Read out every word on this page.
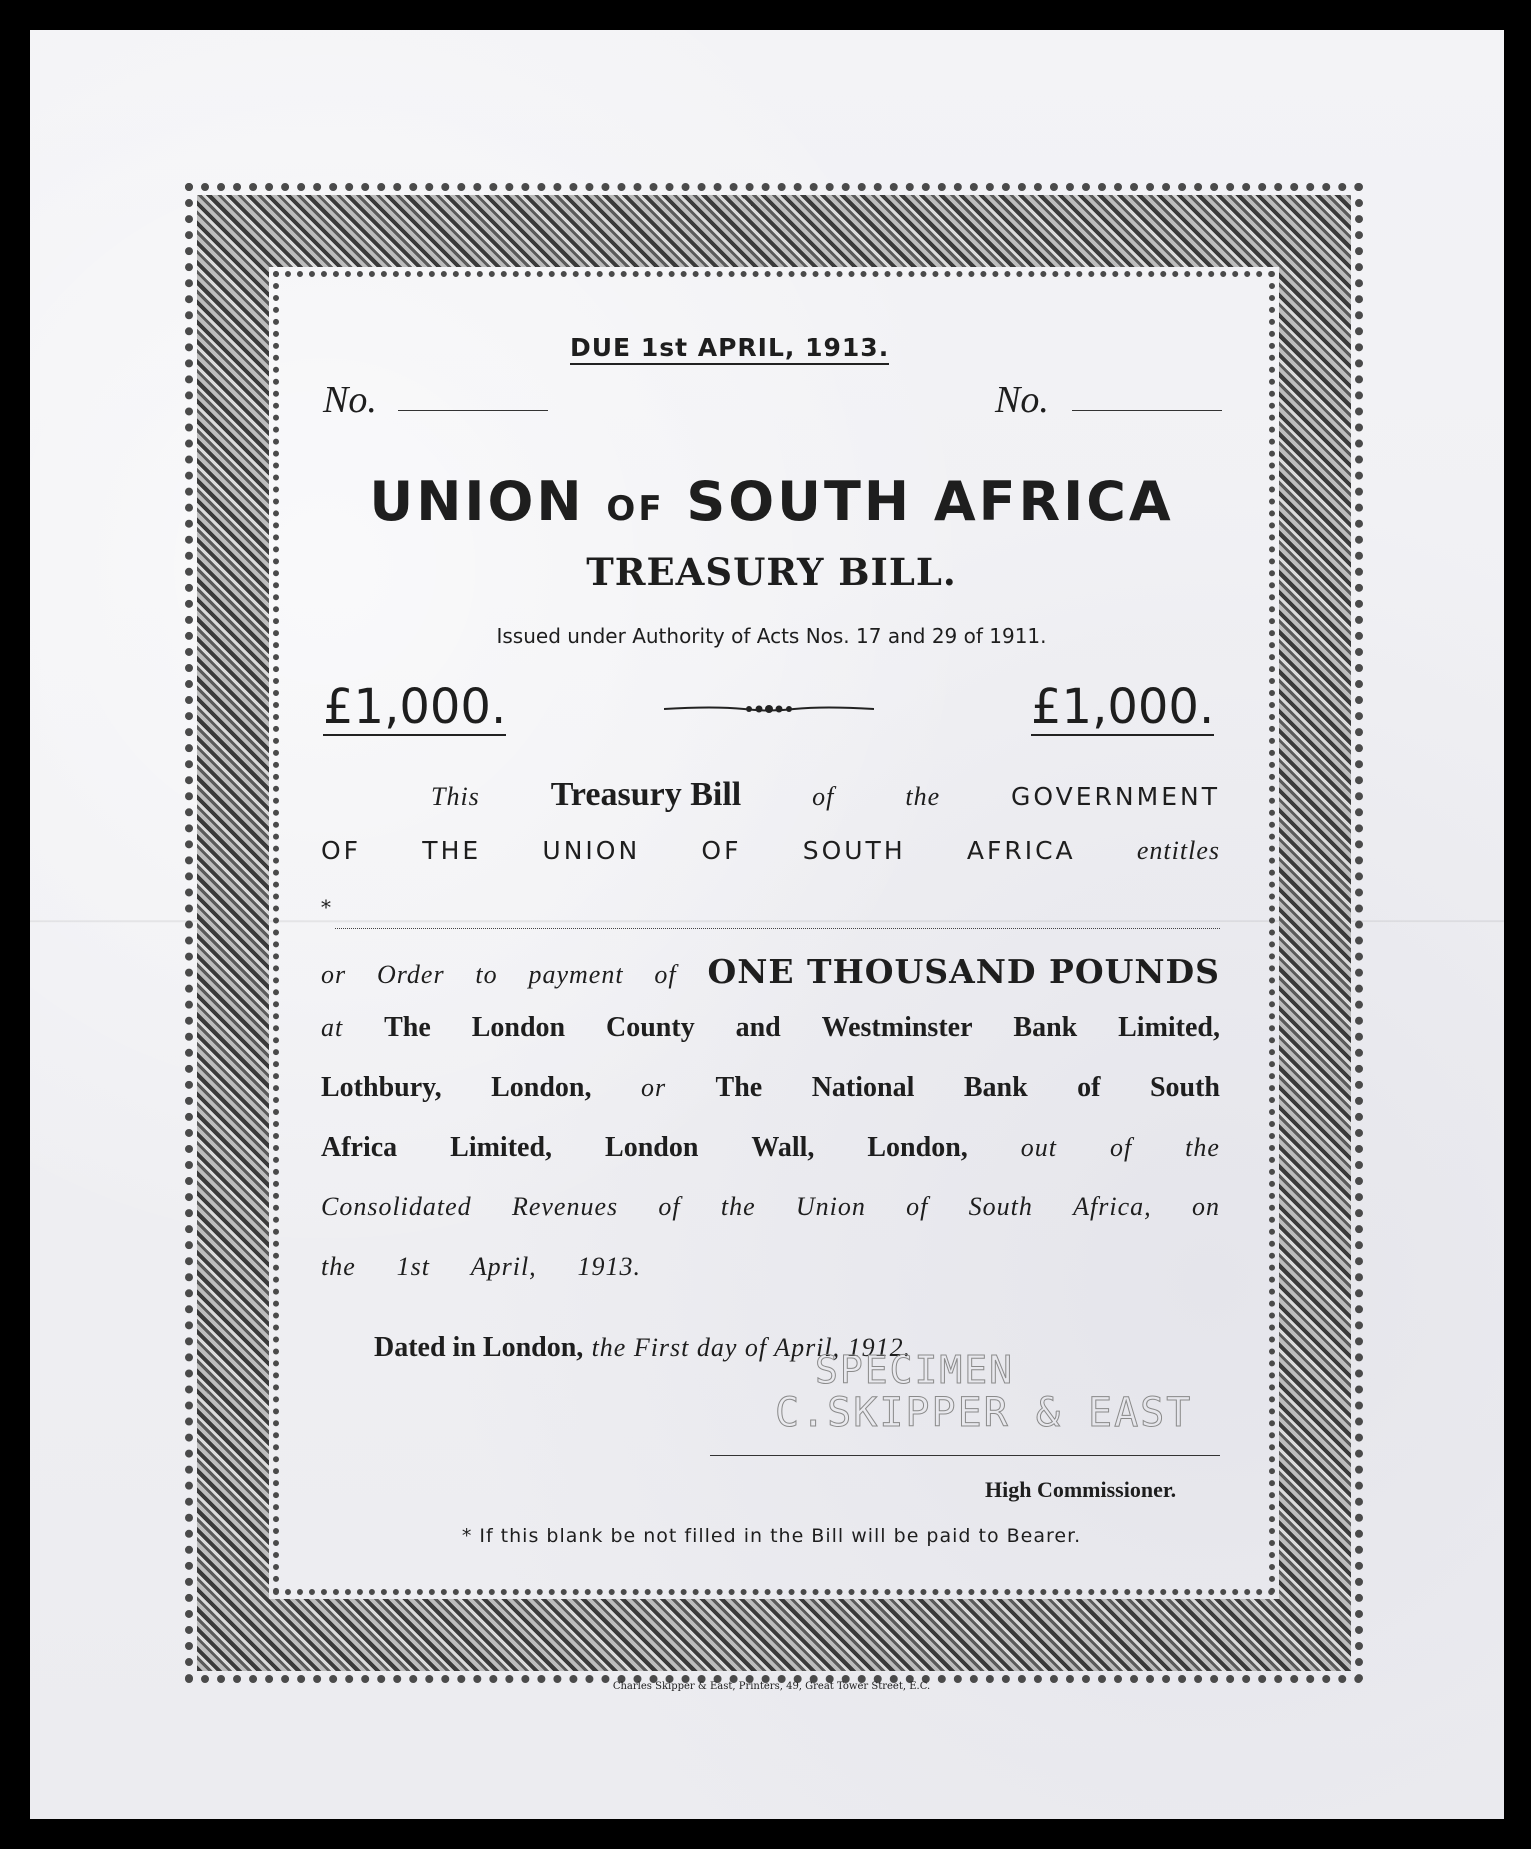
DUE 1st APRIL, 1913.
No.	No.
UNION OF SOUTH AFRICA
TREASURY BILL.
Issued under Authority of Acts Nos. 17 and 29 of 1911.
£1,000.	£1,000.
This Treasury Bill	of	the	GOVERNMENT
OF THE UNION OF SOUTH AFRICA entitles
*
or Order to payment of ONE THOUSAND POUNDS
at The London County and Westminster Bank Limited,
Lothbury, London, or The National Bank of South
Africa Limited, London Wall, London, out of the
Consolidated Revenues of the Union of South Africa, on
the 1st April, 1913.
Dated in London, the First day of April, 1912.
SPECIMEN
C.SKIPPER & EAST
High Commissioner.
* If this blank be not filled in the Bill will be paid to Bearer.
Charles Skipper & East, Printers, 49, Great Tower Street, E.C.
